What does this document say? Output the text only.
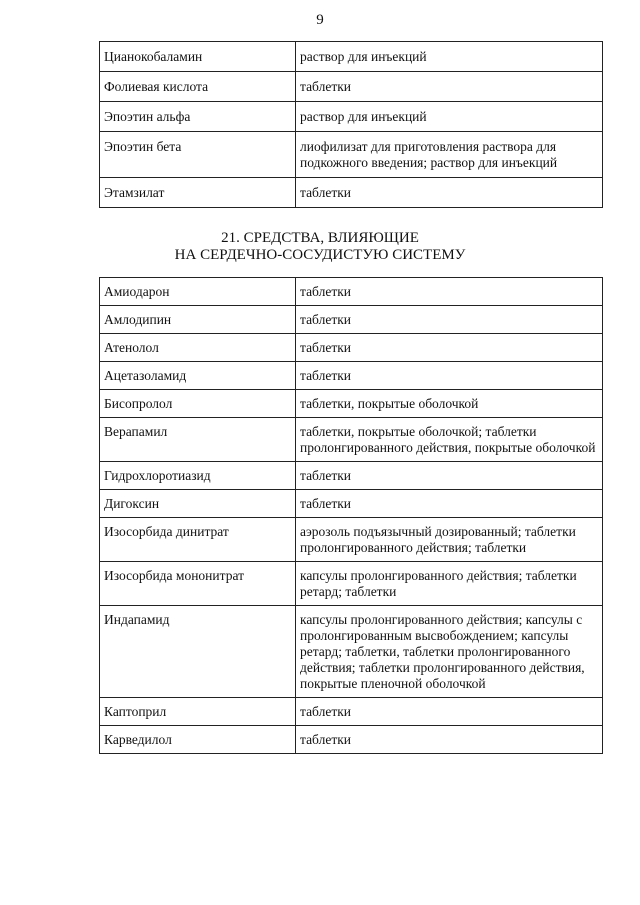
9
Цианокобаламин	раствор для инъекций
Фолиевая кислота	таблетки
Эпоэтин альфа	раствор для инъекций
Эпоэтин бета	лиофилизат для приготовления раствора для подкожного введения; раствор для инъекций
Этамзилат	таблетки
21. СРЕДСТВА, ВЛИЯЮЩИЕ
НА СЕРДЕЧНО-СОСУДИСТУЮ СИСТЕМУ
Амиодарон	таблетки
Амлодипин	таблетки
Атенолол	таблетки
Ацетазоламид	таблетки
Бисопролол	таблетки, покрытые оболочкой
Верапамил	таблетки, покрытые оболочкой; таблетки пролонгированного действия, покрытые оболочкой
Гидрохлоротиазид	таблетки
Дигоксин	таблетки
Изосорбида динитрат	аэрозоль подъязычный дозированный; таблетки пролонгированного действия; таблетки
Изосорбида мононитрат	капсулы пролонгированного действия; таблетки ретард; таблетки
Индапамид	капсулы пролонгированного действия; капсулы с пролонгированным высвобождением; капсулы ретард; таблетки, таблетки пролонгированного действия; таблетки пролонгированного действия, покрытые пленочной оболочкой
Каптоприл	таблетки
Карведилол	таблетки
